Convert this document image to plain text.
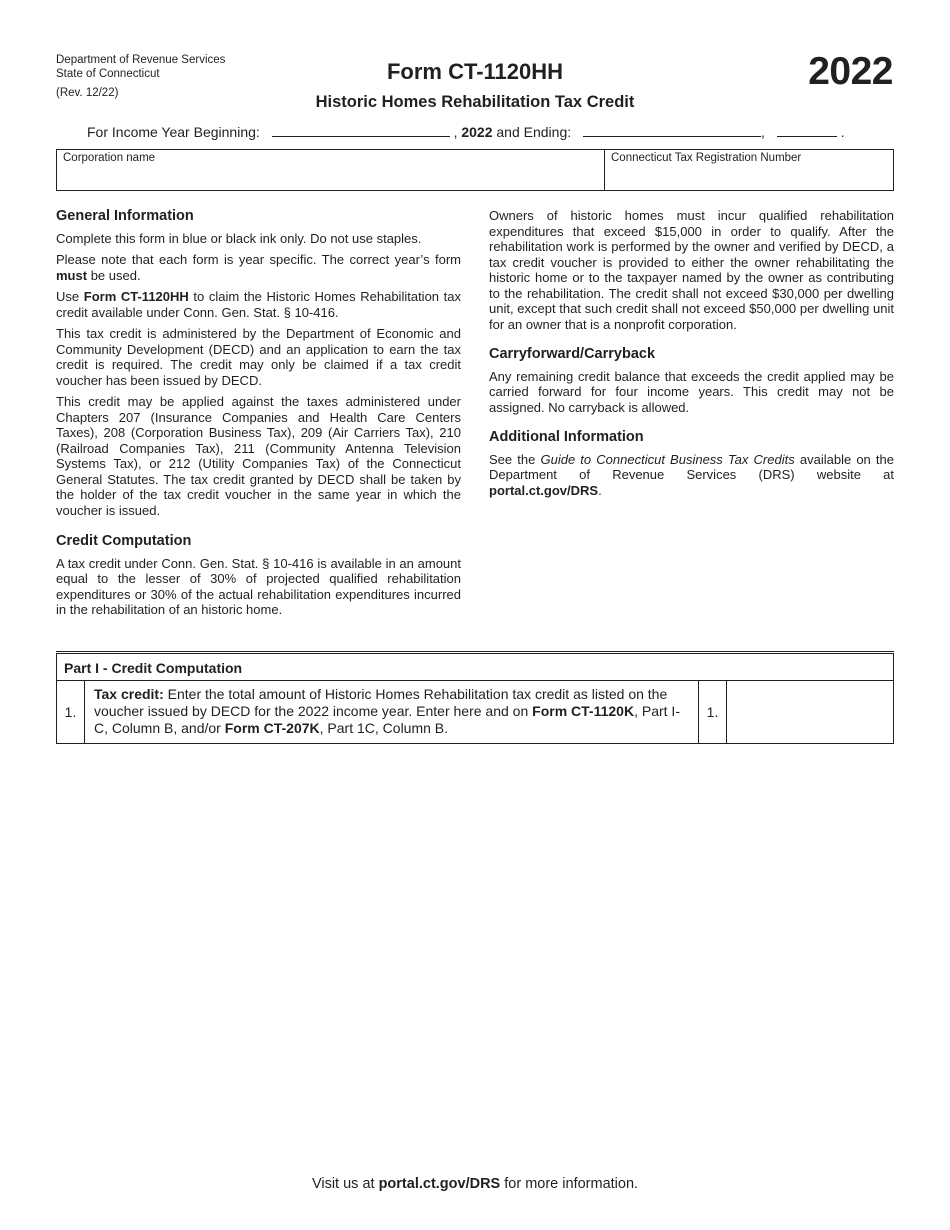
Department of Revenue Services
State of Connecticut
(Rev. 12/22)
Form CT-1120HH
Historic Homes Rehabilitation Tax Credit
2022
For Income Year Beginning:	, 2022 and Ending:	,	.
Corporation name	Connecticut Tax Registration Number
General Information

Complete this form in blue or black ink only. Do not use staples.

Please note that each form is year specific. The correct year’s form must be used.

Use Form CT-1120HH to claim the Historic Homes Rehabilitation tax credit available under Conn. Gen. Stat. § 10-416.

This tax credit is administered by the Department of Economic and Community Development (DECD) and an application to earn the tax credit is required. The credit may only be claimed if a tax credit voucher has been issued by DECD.

This credit may be applied against the taxes administered under Chapters 207 (Insurance Companies and Health Care Centers Taxes), 208 (Corporation Business Tax), 209 (Air Carriers Tax), 210 (Railroad Companies Tax), 211 (Community Antenna Television Systems Tax), or 212 (Utility Companies Tax) of the Connecticut General Statutes. The tax credit granted by DECD shall be taken by the holder of the tax credit voucher in the same year in which the voucher is issued.

Credit Computation

A tax credit under Conn. Gen. Stat. § 10-416 is available in an amount equal to the lesser of 30% of projected qualified rehabilitation expenditures or 30% of the actual rehabilitation expenditures incurred in the rehabilitation of an historic home.

Owners of historic homes must incur qualified rehabilitation expenditures that exceed $15,000 in order to qualify. After the rehabilitation work is performed by the owner and verified by DECD, a tax credit voucher is provided to either the owner rehabilitating the historic home or to the taxpayer named by the owner as contributing to the rehabilitation. The credit shall not exceed $30,000 per dwelling unit, except that such credit shall not exceed $50,000 per dwelling unit for an owner that is a nonprofit corporation.

Carryforward/Carryback

Any remaining credit balance that exceeds the credit applied may be carried forward for four income years. This credit may not be assigned. No carryback is allowed.

Additional Information

See the Guide to Connecticut Business Tax Credits available on the Department of Revenue Services (DRS) website at portal.ct.gov/DRS.

Part I - Credit Computation
1.	Tax credit: Enter the total amount of Historic Homes Rehabilitation tax credit as listed on the voucher issued by DECD for the 2022 income year. Enter here and on Form CT-1120K, Part I-C, Column B, and/or Form CT-207K, Part 1C, Column B.	1.	
Visit us at portal.ct.gov/DRS for more information.
